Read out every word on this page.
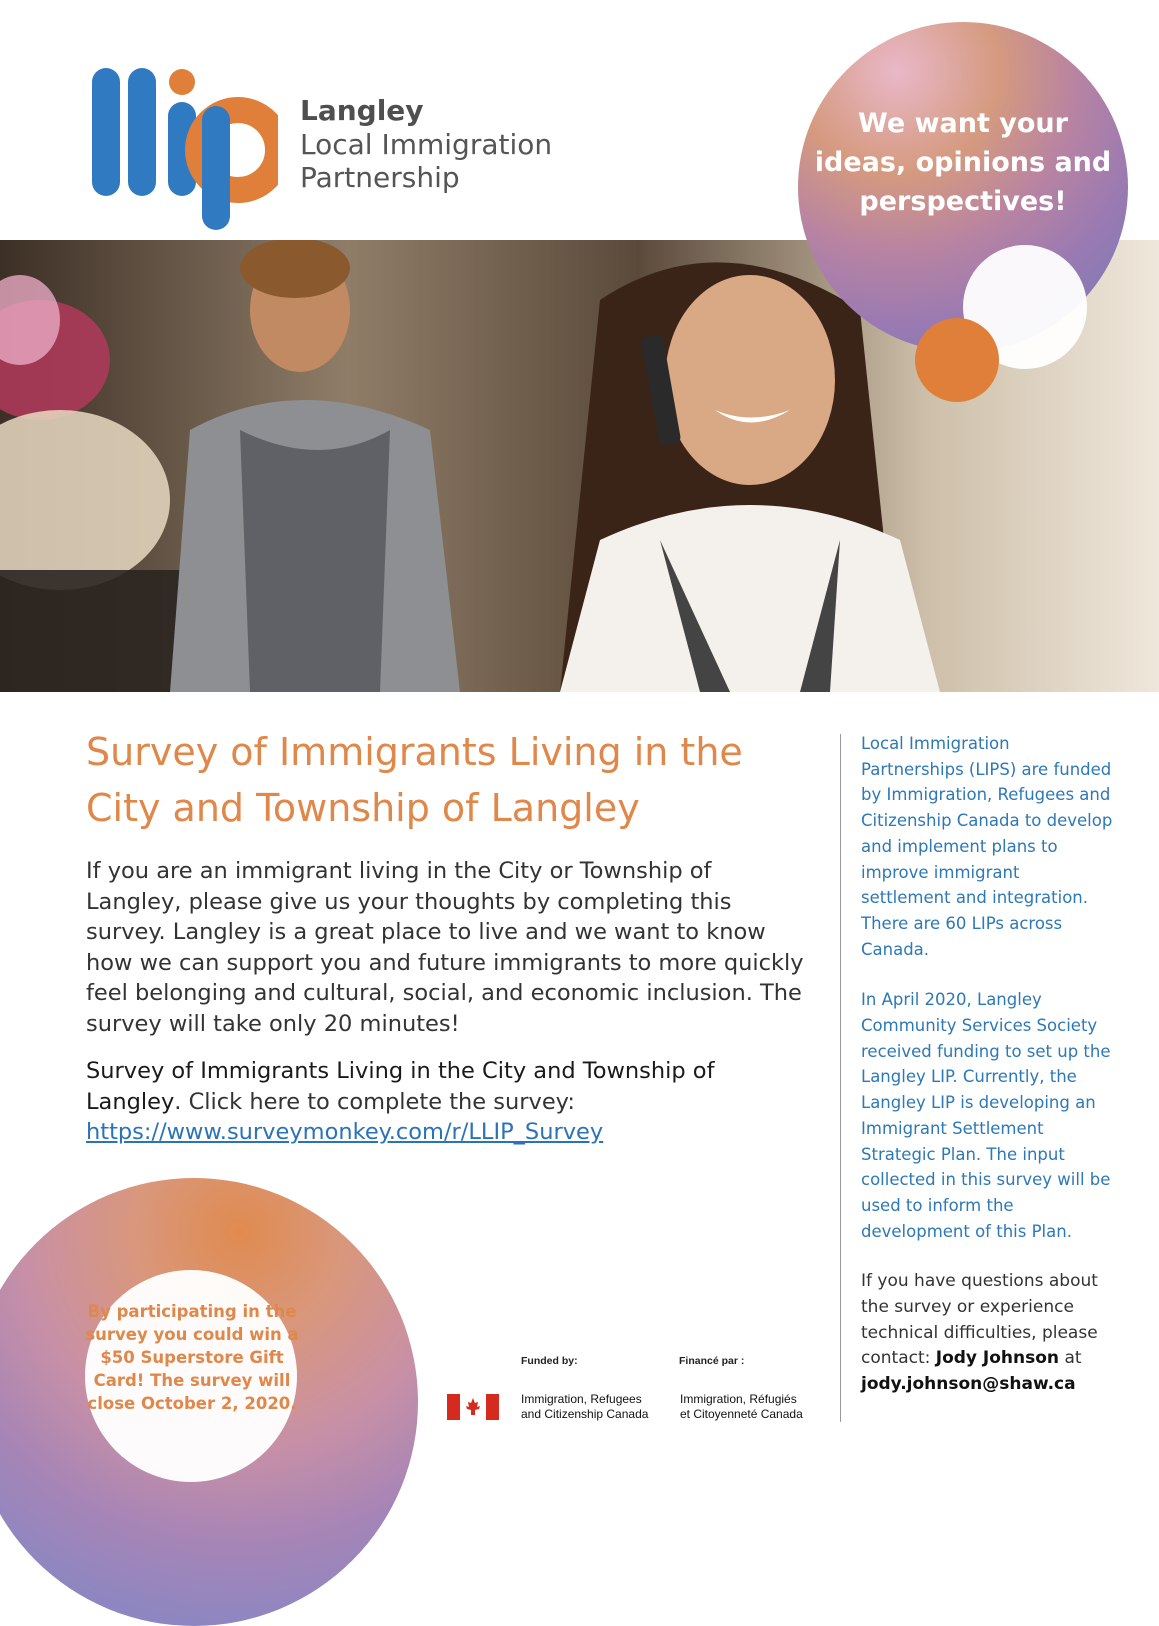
Langley
Local Immigration
Partnership
We want your ideas, opinions and perspectives!
Survey of Immigrants Living in the City and Township of Langley
If you are an immigrant living in the City or Township of Langley, please give us your thoughts by completing this survey. Langley is a great place to live and we want to know how we can support you and future immigrants to more quickly feel belonging and cultural, social, and economic inclusion. The survey will take only 20 minutes!
Survey of Immigrants Living in the City and Township of Langley. Click here to complete the survey:
https://www.surveymonkey.com/r/LLIP_Survey
Local Immigration Partnerships (LIPS) are funded by Immigration, Refugees and Citizenship Canada to develop and implement plans to improve immigrant settlement and integration. There are 60 LIPs across Canada.
In April 2020, Langley Community Services Society received funding to set up the Langley LIP. Currently, the Langley LIP is developing an Immigrant Settlement Strategic Plan. The input collected in this survey will be used to inform the development of this Plan.
If you have questions about the survey or experience technical difficulties, please contact: Jody Johnson at
jody.johnson@shaw.ca
By participating in the survey you could win a $50 Superstore Gift Card! The survey will close October 2, 2020.
Funded by:	Financé par :
Immigration, Refugees
and Citizenship Canada
Immigration, Réfugiés
et Citoyenneté Canada
